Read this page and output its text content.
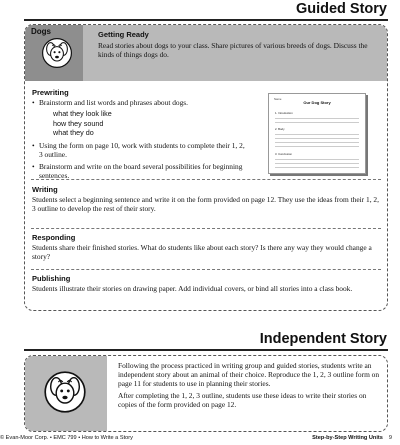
Guided Story
Dogs	Getting Ready
Read stories about dogs to your class. Share pictures of various breeds of dogs. Discuss the kinds of things dogs do.
Prewriting
• Brainstorm and list words and phrases about dogs.
what they look like
how they sound
what they do
• Using the form on page 10, work with students to complete their 1, 2, 3 outline.
• Brainstorm and write on the board several possibilities for beginning sentences.
Name
Our Dog Story
1. Introduction
2. Body
3. Conclusion
Writing
Students select a beginning sentence and write it on the form provided on page 12. They use the ideas from their 1, 2, 3 outline to develop the rest of their story.
Responding
Students share their finished stories. What do students like about each story? Is there any way they would change a story?
Publishing
Students illustrate their stories on drawing paper. Add individual covers, or bind all stories into a class book.
Independent Story

Following the process practiced in writing group and guided stories, students write an independent story about an animal of their choice. Reproduce the 1, 2, 3 outline form on page 11 for students to use in planning their stories.

After completing the 1, 2, 3 outline, students use these ideas to write their stories on copies of the form provided on page 12.

© Evan-Moor Corp. • EMC 799 • How to Write a Story	Step-by-Step Writing Units 9
